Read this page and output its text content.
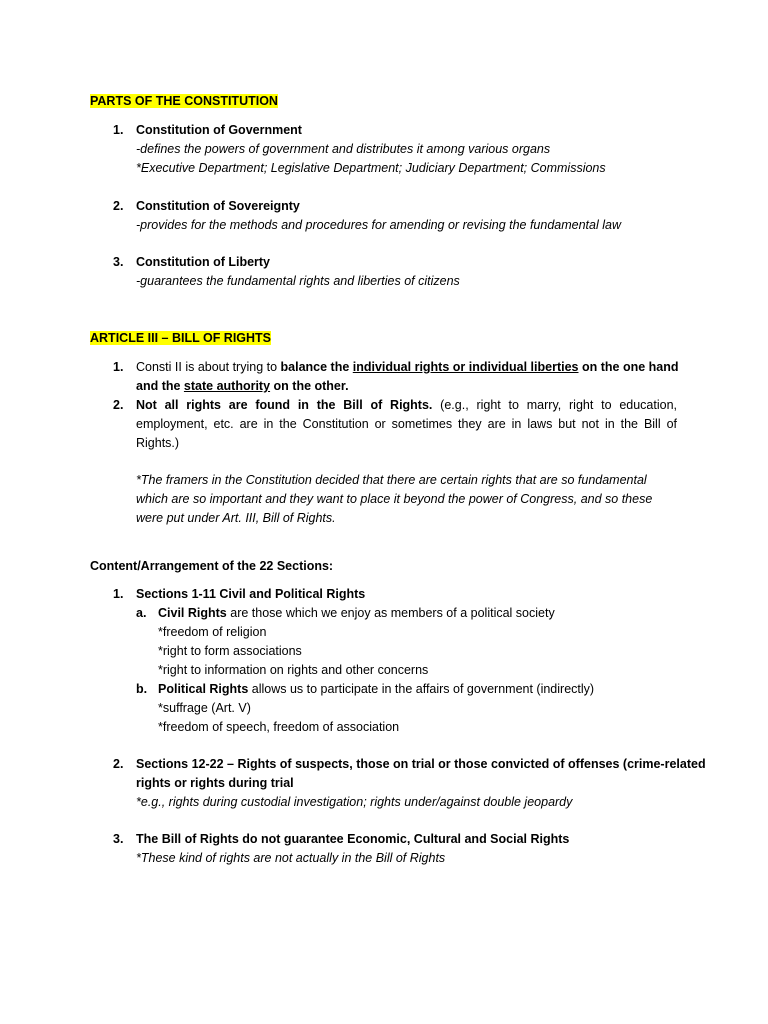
PARTS OF THE CONSTITUTION
1. Constitution of Government
-defines the powers of government and distributes it among various organs
*Executive Department; Legislative Department; Judiciary Department; Commissions
2. Constitution of Sovereignty
-provides for the methods and procedures for amending or revising the fundamental law
3. Constitution of Liberty
-guarantees the fundamental rights and liberties of citizens
ARTICLE III – BILL OF RIGHTS
1. Consti II is about trying to balance the individual rights or individual liberties on the one hand
and the state authority on the other.
2. Not all rights are found in the Bill of Rights. (e.g., right to marry, right to education, employment, etc. are in the Constitution or sometimes they are in laws but not in the Bill of Rights.)
*The framers in the Constitution decided that there are certain rights that are so fundamental
which are so important and they want to place it beyond the power of Congress, and so these
were put under Art. III, Bill of Rights.
Content/Arrangement of the 22 Sections:
1. Sections 1-11 Civil and Political Rights
a. Civil Rights are those which we enjoy as members of a political society
*freedom of religion
*right to form associations
*right to information on rights and other concerns
b. Political Rights allows us to participate in the affairs of government (indirectly)
*suffrage (Art. V)
*freedom of speech, freedom of association
2. Sections 12-22 – Rights of suspects, those on trial or those convicted of offenses (crime-related
rights or rights during trial
*e.g., rights during custodial investigation; rights under/against double jeopardy
3. The Bill of Rights do not guarantee Economic, Cultural and Social Rights
*These kind of rights are not actually in the Bill of Rights
